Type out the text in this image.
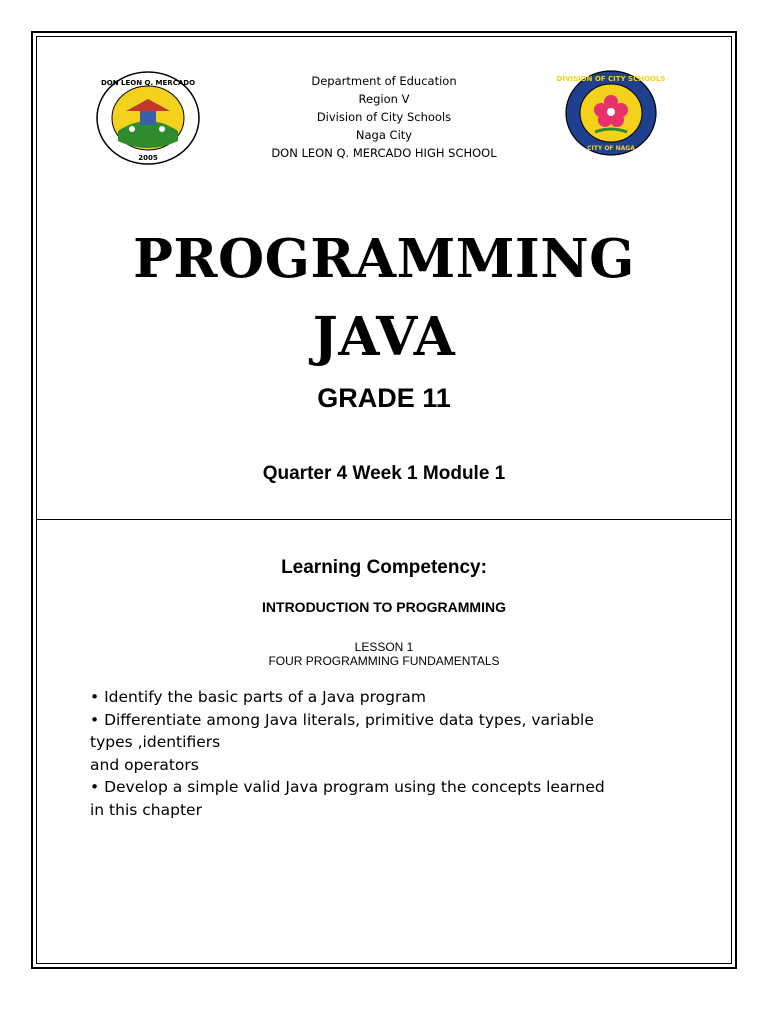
DON LEON Q. MERCADO
2005
DIVISION OF CITY SCHOOLS
CITY OF NAGA
Department of Education
Region V
Division of City Schools
Naga City
DON LEON Q. MERCADO HIGH SCHOOL
PROGRAMMING
JAVA
GRADE 11
Quarter 4 Week 1 Module 1
Learning Competency:
INTRODUCTION TO PROGRAMMING
LESSON 1
FOUR PROGRAMMING FUNDAMENTALS
• Identify the basic parts of a Java program
• Differentiate among Java literals, primitive data types, variable
types ,identifiers
and operators
• Develop a simple valid Java program using the concepts learned
in this chapter
